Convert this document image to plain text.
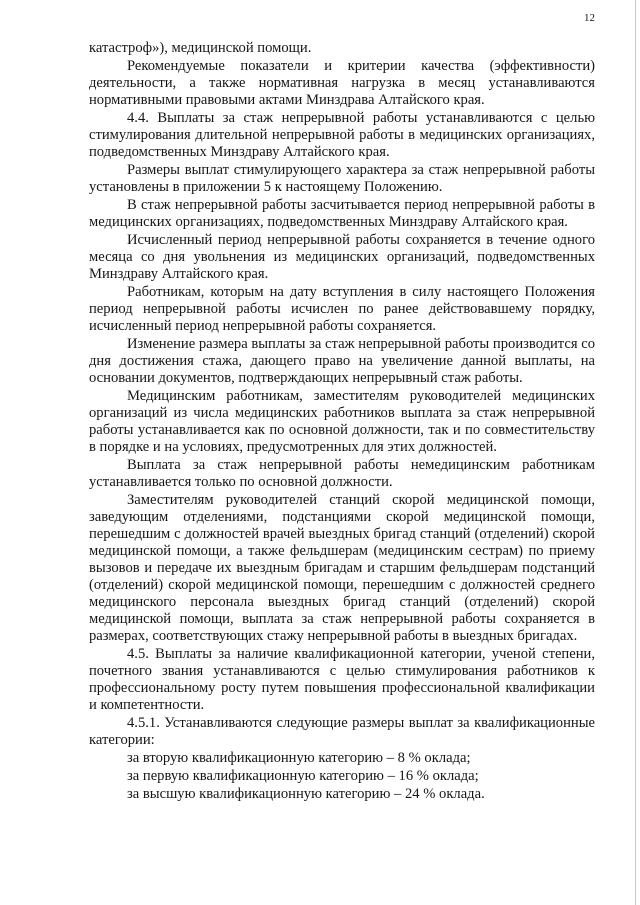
12

катастроф»), медицинской помощи.

Рекомендуемые показатели и критерии качества (эффективности) деятельности, а также нормативная нагрузка в месяц устанавливаются нормативными правовыми актами Минздрава Алтайского края.

4.4. Выплаты за стаж непрерывной работы устанавливаются с целью стимулирования длительной непрерывной работы в медицинских организациях, подведомственных Минздраву Алтайского края.

Размеры выплат стимулирующего характера за стаж непрерывной работы установлены в приложении 5 к настоящему Положению.

В стаж непрерывной работы засчитывается период непрерывной работы в медицинских организациях, подведомственных Минздраву Алтайского края.

Исчисленный период непрерывной работы сохраняется в течение одного месяца со дня увольнения из медицинских организаций, подведомственных Минздраву Алтайского края.

Работникам, которым на дату вступления в силу настоящего Положения период непрерывной работы исчислен по ранее действовавшему порядку, исчисленный период непрерывной работы сохраняется.

Изменение размера выплаты за стаж непрерывной работы производится со дня достижения стажа, дающего право на увеличение данной выплаты, на основании документов, подтверждающих непрерывный стаж работы.

Медицинским работникам, заместителям руководителей медицинских организаций из числа медицинских работников выплата за стаж непрерывной работы устанавливается как по основной должности, так и по совместительству в порядке и на условиях, предусмотренных для этих должностей.

Выплата за стаж непрерывной работы немедицинским работникам устанавливается только по основной должности.

Заместителям руководителей станций скорой медицинской помощи, заведующим отделениями, подстанциями скорой медицинской помощи, перешедшим с должностей врачей выездных бригад станций (отделений) скорой медицинской помощи, а также фельдшерам (медицинским сестрам) по приему вызовов и передаче их выездным бригадам и старшим фельдшерам подстанций (отделений) скорой медицинской помощи, перешедшим с должностей среднего медицинского персонала выездных бригад станций (отделений) скорой медицинской помощи, выплата за стаж непрерывной работы сохраняется в размерах, соответствующих стажу непрерывной работы в выездных бригадах.

4.5. Выплаты за наличие квалификационной категории, ученой степени, почетного звания устанавливаются с целью стимулирования работников к профессиональному росту путем повышения профессиональной квалификации и компетентности.

4.5.1. Устанавливаются следующие размеры выплат за квалификационные категории:

за вторую квалификационную категорию – 8 % оклада;

за первую квалификационную категорию – 16 % оклада;

за высшую квалификационную категорию – 24 % оклада.
